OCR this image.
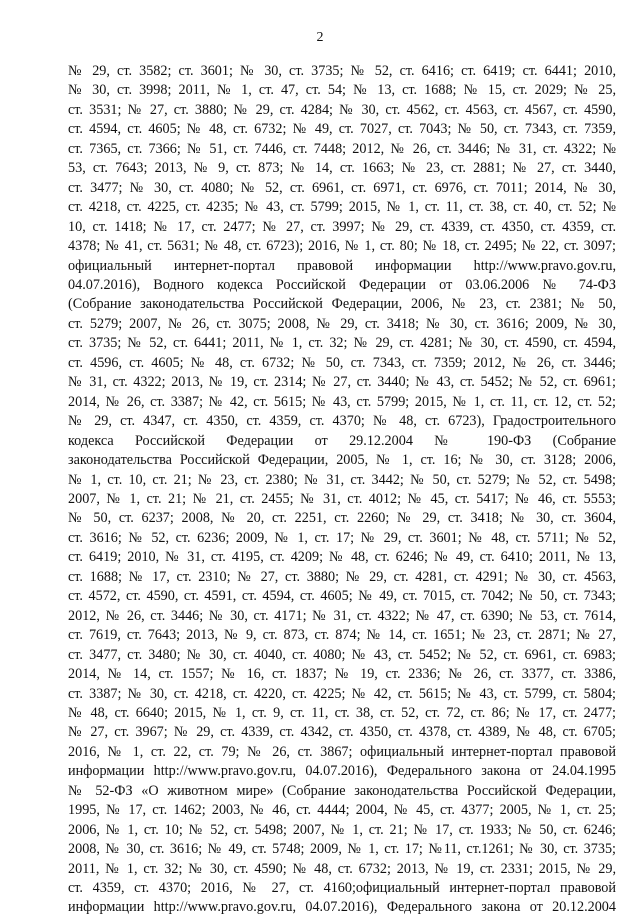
2
№ 29, ст. 3582; ст. 3601; № 30, ст. 3735; № 52, ст. 6416; ст. 6419; ст. 6441; 2010,
№ 30, ст. 3998; 2011, № 1, ст. 47, ст. 54; № 13, ст. 1688; № 15, ст. 2029; № 25,
ст. 3531; № 27, ст. 3880; № 29, ст. 4284; № 30, ст. 4562, ст. 4563, ст. 4567, ст. 4590,
ст. 4594, ст. 4605; № 48, ст. 6732; № 49, ст. 7027, ст. 7043; № 50, ст. 7343, ст. 7359,
ст. 7365, ст. 7366; № 51, ст. 7446, ст. 7448; 2012, № 26, ст. 3446; № 31, ст. 4322; №
53, ст. 7643; 2013, № 9, ст. 873; № 14, ст. 1663; № 23, ст. 2881; № 27, ст. 3440,
ст. 3477; № 30, ст. 4080; № 52, ст. 6961, ст. 6971, ст. 6976, ст. 7011; 2014, № 30,
ст. 4218, ст. 4225, ст. 4235; № 43, ст. 5799; 2015, № 1, ст. 11, ст. 38, ст. 40, ст. 52; №
10, ст. 1418; № 17, ст. 2477; № 27, ст. 3997; № 29, ст. 4339, ст. 4350, ст. 4359, ст.
4378; № 41, ст. 5631; № 48, ст. 6723); 2016, № 1, ст. 80; № 18, ст. 2495; № 22, ст. 3097;
официальный интернет-портал правовой информации http://www.pravo.gov.ru,
04.07.2016), Водного кодекса Российской Федерации от 03.06.2006 № 74-ФЗ
(Собрание законодательства Российской Федерации, 2006, № 23, ст. 2381; № 50,
ст. 5279; 2007, № 26, ст. 3075; 2008, № 29, ст. 3418; № 30, ст. 3616; 2009, № 30,
ст. 3735; № 52, ст. 6441; 2011, № 1, ст. 32; № 29, ст. 4281; № 30, ст. 4590, ст. 4594,
ст. 4596, ст. 4605; № 48, ст. 6732; № 50, ст. 7343, ст. 7359; 2012, № 26, ст. 3446;
№ 31, ст. 4322; 2013, № 19, ст. 2314; № 27, ст. 3440; № 43, ст. 5452; № 52, ст. 6961;
2014, № 26, ст. 3387; № 42, ст. 5615; № 43, ст. 5799; 2015, № 1, ст. 11, ст. 12, ст. 52;
№ 29, ст. 4347, ст. 4350, ст. 4359, ст. 4370; № 48, ст. 6723), Градостроительного
кодекса Российской Федерации от 29.12.2004 № 190-ФЗ (Собрание
законодательства Российской Федерации, 2005, № 1, ст. 16; № 30, ст. 3128; 2006,
№ 1, ст. 10, ст. 21; № 23, ст. 2380; № 31, ст. 3442; № 50, ст. 5279; № 52, ст. 5498;
2007, № 1, ст. 21; № 21, ст. 2455; № 31, ст. 4012; № 45, ст. 5417; № 46, ст. 5553;
№ 50, ст. 6237; 2008, № 20, ст. 2251, ст. 2260; № 29, ст. 3418; № 30, ст. 3604,
ст. 3616; № 52, ст. 6236; 2009, № 1, ст. 17; № 29, ст. 3601; № 48, ст. 5711; № 52,
ст. 6419; 2010, № 31, ст. 4195, ст. 4209; № 48, ст. 6246; № 49, ст. 6410; 2011, № 13,
ст. 1688; № 17, ст. 2310; № 27, ст. 3880; № 29, ст. 4281, ст. 4291; № 30, ст. 4563,
ст. 4572, ст. 4590, ст. 4591, ст. 4594, ст. 4605; № 49, ст. 7015, ст. 7042; № 50, ст. 7343;
2012, № 26, ст. 3446; № 30, ст. 4171; № 31, ст. 4322; № 47, ст. 6390; № 53, ст. 7614,
ст. 7619, ст. 7643; 2013, № 9, ст. 873, ст. 874; № 14, ст. 1651; № 23, ст. 2871; № 27,
ст. 3477, ст. 3480; № 30, ст. 4040, ст. 4080; № 43, ст. 5452; № 52, ст. 6961, ст. 6983;
2014, № 14, ст. 1557; № 16, ст. 1837; № 19, ст. 2336; № 26, ст. 3377, ст. 3386,
ст. 3387; № 30, ст. 4218, ст. 4220, ст. 4225; № 42, ст. 5615; № 43, ст. 5799, ст. 5804;
№ 48, ст. 6640; 2015, № 1, ст. 9, ст. 11, ст. 38, ст. 52, ст. 72, ст. 86; № 17, ст. 2477;
№ 27, ст. 3967; № 29, ст. 4339, ст. 4342, ст. 4350, ст. 4378, ст. 4389, № 48, ст. 6705;
2016, № 1, ст. 22, ст. 79; № 26, ст. 3867; официальный интернет-портал правовой
информации http://www.pravo.gov.ru, 04.07.2016), Федерального закона от 24.04.1995
№ 52-ФЗ «О животном мире» (Собрание законодательства Российской Федерации,
1995, № 17, ст. 1462; 2003, № 46, ст. 4444; 2004, № 45, ст. 4377; 2005, № 1, ст. 25;
2006, № 1, ст. 10; № 52, ст. 5498; 2007, № 1, ст. 21; № 17, ст. 1933; № 50, ст. 6246;
2008, № 30, ст. 3616; № 49, ст. 5748; 2009, № 1, ст. 17; №11, ст.1261; № 30, ст. 3735;
2011, № 1, ст. 32; № 30, ст. 4590; № 48, ст. 6732; 2013, № 19, ст. 2331; 2015, № 29,
ст. 4359, ст. 4370; 2016, № 27, ст. 4160;официальный интернет-портал правовой
информации http://www.pravo.gov.ru, 04.07.2016), Федерального закона от 20.12.2004
